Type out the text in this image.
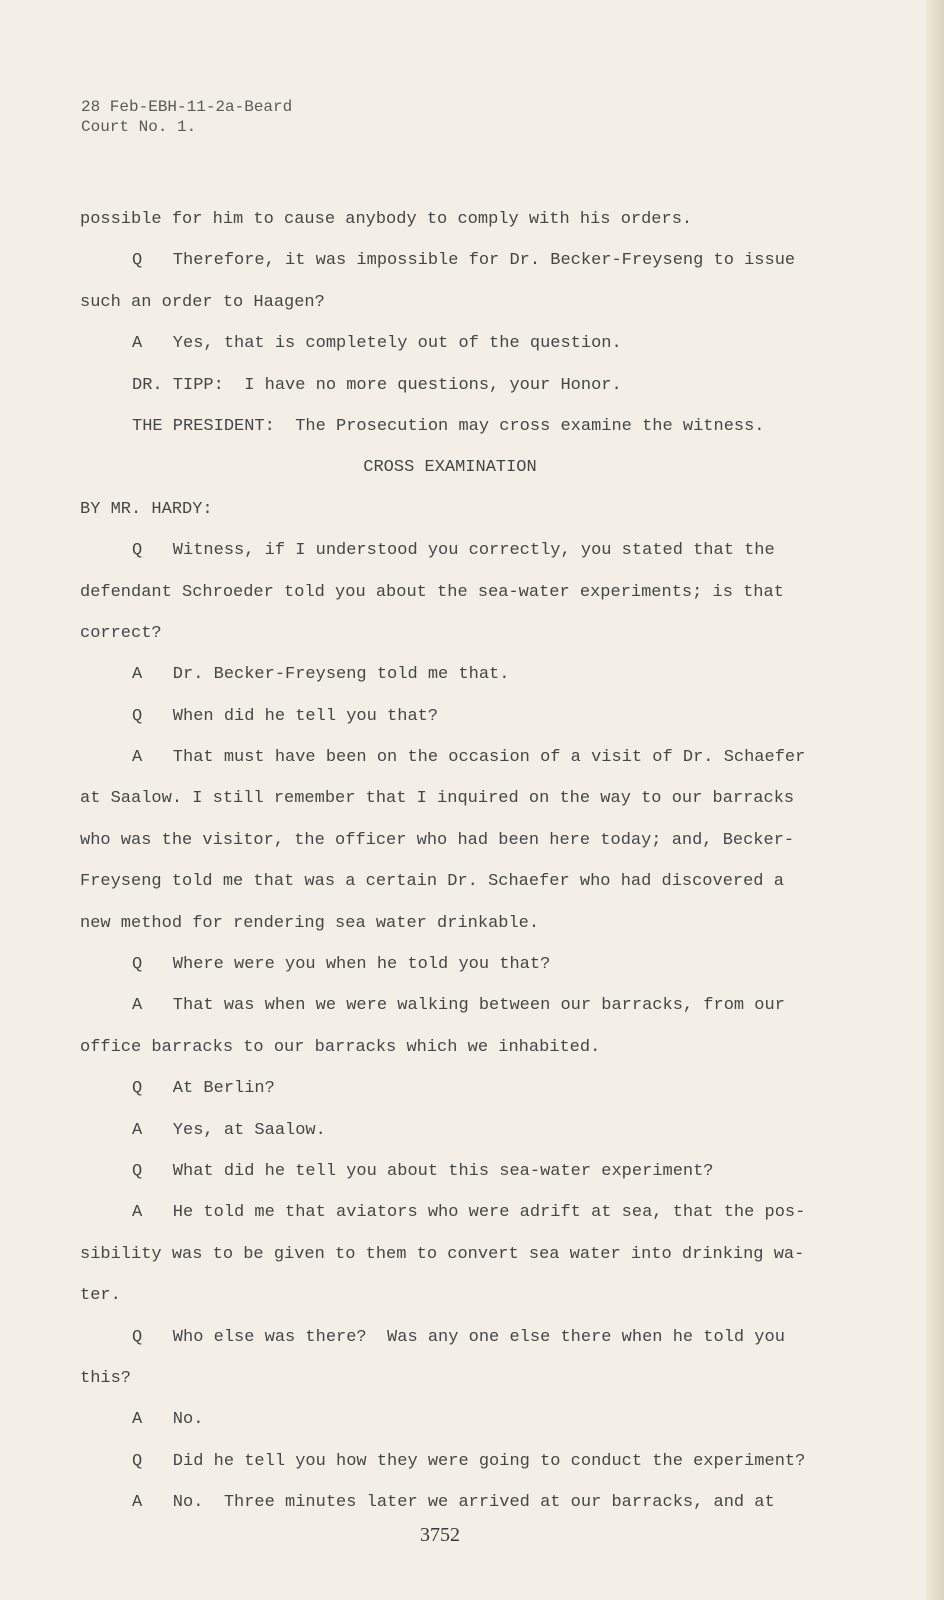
28 Feb-EBH-11-2a-Beard
Court No. 1.
possible for him to cause anybody to comply with his orders.
Q   Therefore, it was impossible for Dr. Becker-Freyseng to issue
such an order to Haagen?
A   Yes, that is completely out of the question.
DR. TIPP:  I have no more questions, your Honor.
THE PRESIDENT:  The Prosecution may cross examine the witness.
CROSS EXAMINATION
BY MR. HARDY:
Q   Witness, if I understood you correctly, you stated that the
defendant Schroeder told you about the sea-water experiments; is that
correct?
A   Dr. Becker-Freyseng told me that.
Q   When did he tell you that?
A   That must have been on the occasion of a visit of Dr. Schaefer
at Saalow. I still remember that I inquired on the way to our barracks
who was the visitor, the officer who had been here today; and, Becker-
Freyseng told me that was a certain Dr. Schaefer who had discovered a
new method for rendering sea water drinkable.
Q   Where were you when he told you that?
A   That was when we were walking between our barracks, from our
office barracks to our barracks which we inhabited.
Q   At Berlin?
A   Yes, at Saalow.
Q   What did he tell you about this sea-water experiment?
A   He told me that aviators who were adrift at sea, that the pos-
sibility was to be given to them to convert sea water into drinking wa-
ter.
Q   Who else was there?  Was any one else there when he told you
this?
A   No.
Q   Did he tell you how they were going to conduct the experiment?
A   No.  Three minutes later we arrived at our barracks, and at
3752
